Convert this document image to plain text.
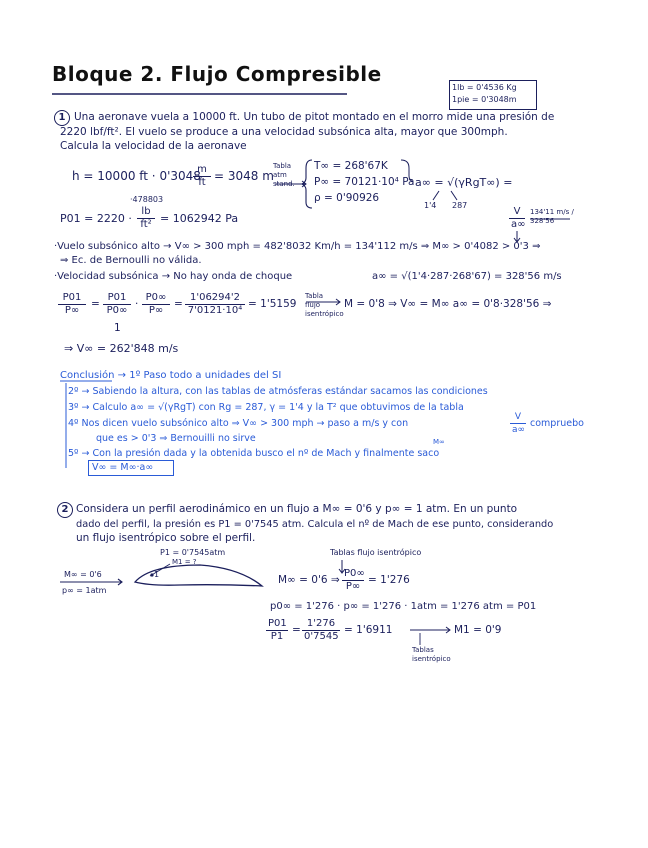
Bloque 2. Flujo Compresible
1lb = 0'4536 Kg
1pie = 0'3048m
1 Una aeronave vuela a 10000 ft. Un tubo de pitot montado en el morro mide una presión de
2220 lbf/ft². El vuelo se produce a una velocidad subsónica alta, mayor que 300mph.
Calcula la velocidad de la aeronave
h = 10000 ft · 0'3048
$\frac{m}{ft} = 3048$ m
Tabla atm stand.
T∞ = 268'67K
P∞ = 70121·10⁴ Pa
ρ = 0'90926
a∞ = √(γRgT∞) =
1'4 287
·478803
$P01 = 2220 \cdot \frac{lb}{\text{ft²}} = 1062942$ Pa	$\frac{V}{a\infty} 134'11$ m/s / 328'56
·Vuelo subsónico alto → V∞ > 300 mph = 482'8032 Km/h = 134'112 m/s ⇒ M∞ > 0'4082 > 0'3 ⇒
⇒ Ec. de Bernoulli no válida.
·Velocidad subsónica → No hay onda de choque	a∞ = √(1'4·287·268'67) = 328'56 m/s
$\frac{P01}{P\infty} = \frac{P01}{P0\infty} \cdot \frac{P0\infty}{P\infty}$
1
= $\frac{1'06294'2}{\text{7'0121·10⁴}} = 1'5159$
Tabla flujo isentrópico
M = 0'8 ⇒ V∞ = M∞ a∞ = 0'8·328'56 ⇒
⇒ V∞ = 262'848 m/s
Conclusión → 1º Paso todo a unidades del SI
2º → Sabiendo la altura, con las tablas de atmósferas estándar sacamos las condiciones
3º → Calculo a∞ = √(γRgT) con Rg = 287, γ = 1'4 y la T² que obtuvimos de la tabla
4º Nos dicen vuelo subsónico alto ⇒ V∞ > 300 mph → paso a m/s y con	$\frac{V}{a\infty}$ compruebo
que es > 0'3 ⇒ Bernouilli no sirve	M∞
5º → Con la presión dada y la obtenida busco el nº de Mach y finalmente saco
V∞ = M∞·a∞
2 Considera un perfil aerodinámico en un flujo a M∞ = 0'6 y p∞ = 1 atm. En un punto
dado del perfil, la presión es P1 = 0'7545 atm. Calcula el nº de Mach de ese punto, considerando
un flujo isentrópico sobre el perfil.
P1 = 0'7545atm
M1 = ?
1
M∞ = 0'6
p∞ = 1atm
Tablas flujo isentrópico
M∞ = 0'6 ⇒ $\frac{P0\infty}{P\infty} = 1'276$
p0∞ = 1'276 · p∞ = 1'276 · 1atm = 1'276 atm = P01
$\frac{P01}{P1} = \frac{1'276}{0'7545} = 1'6911$	M1 = 0'9
Tablas isentrópico
